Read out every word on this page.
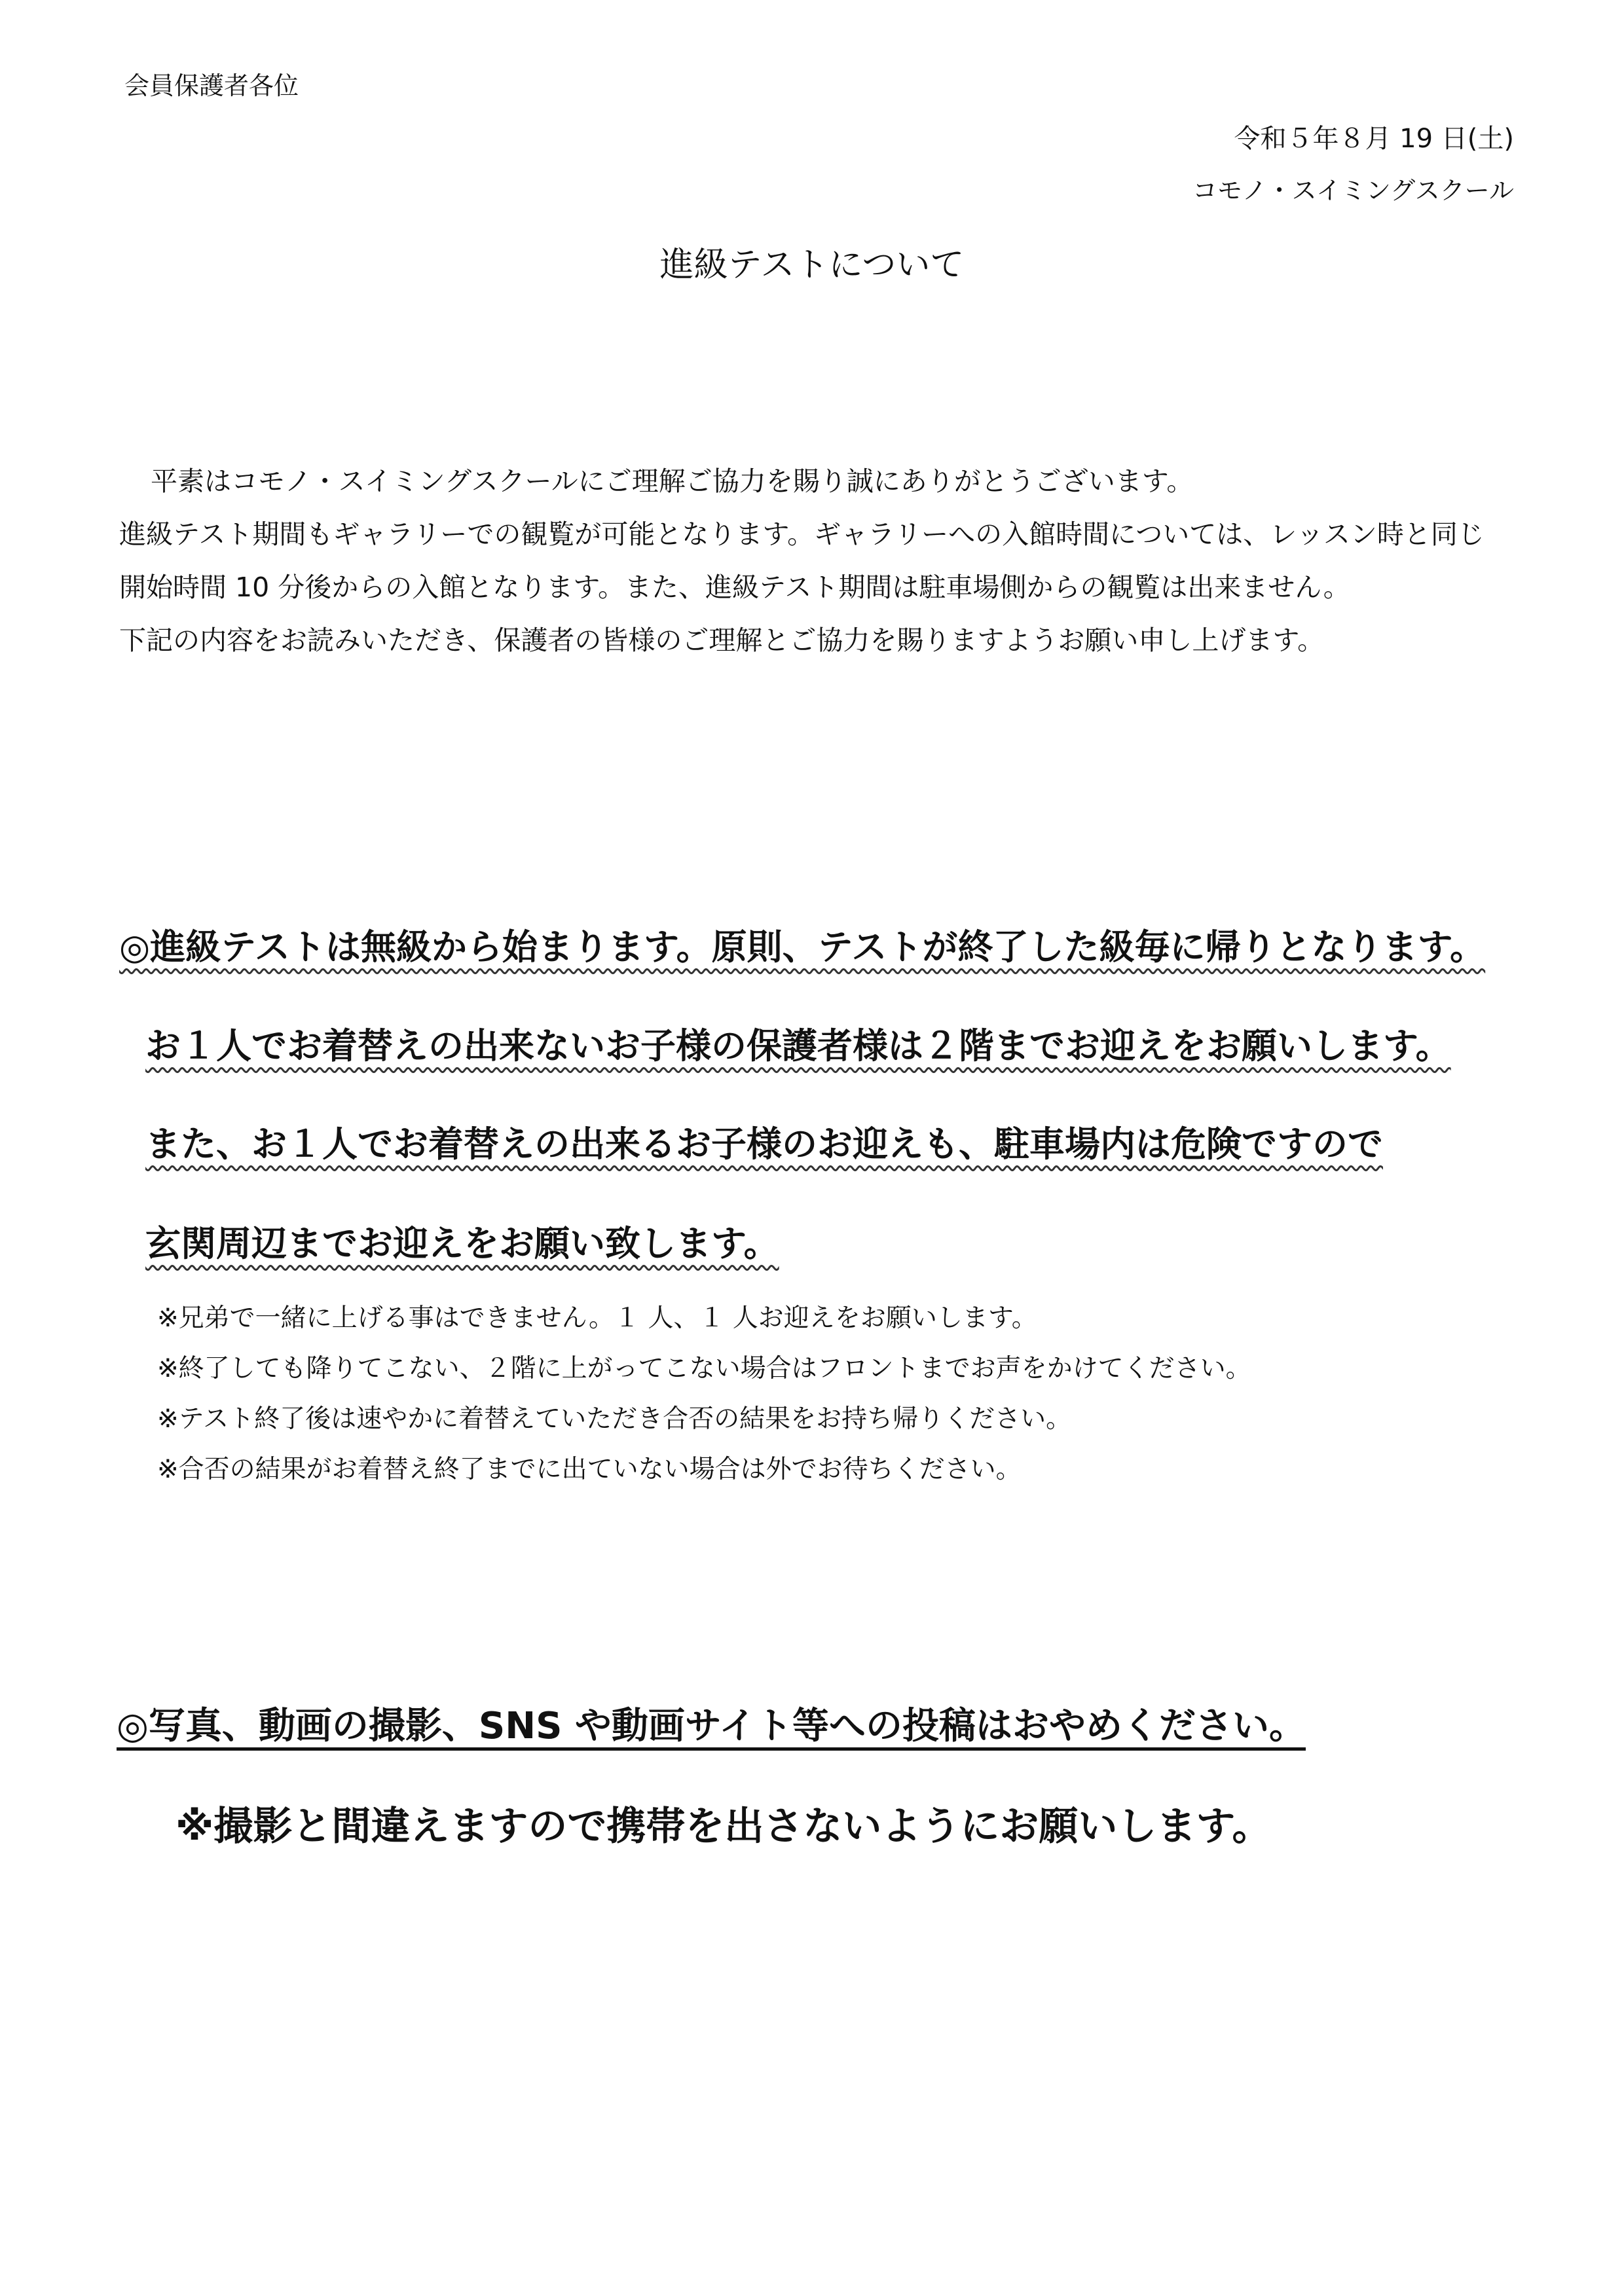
会員保護者各位
令和５年８月 19 日(土)
コモノ・スイミングスクール
進級テストについて

平素はコモノ・スイミングスクールにご理解ご協力を賜り誠にありがとうございます。

進級テスト期間もギャラリーでの観覧が可能となります。ギャラリーへの入館時間については、レッスン時と同じ

開始時間 10 分後からの入館となります。また、進級テスト期間は駐車場側からの観覧は出来ません。

下記の内容をお読みいただき、保護者の皆様のご理解とご協力を賜りますようお願い申し上げます。

◎進級テストは無級から始まります。原則、テストが終了した級毎に帰りとなります。
お１人でお着替えの出来ないお子様の保護者様は２階までお迎えをお願いします。
また、お１人でお着替えの出来るお子様のお迎えも、駐車場内は危険ですので
玄関周辺までお迎えをお願い致します。

※兄弟で一緒に上げる事はできません。１ 人、１ 人お迎えをお願いします。

※終了しても降りてこない、２階に上がってこない場合はフロントまでお声をかけてください。

※テスト終了後は速やかに着替えていただき合否の結果をお持ち帰りください。

※合否の結果がお着替え終了までに出ていない場合は外でお待ちください。

◎写真、動画の撮影、SNS や動画サイト等への投稿はおやめください。
※撮影と間違えますので携帯を出さないようにお願いします。
